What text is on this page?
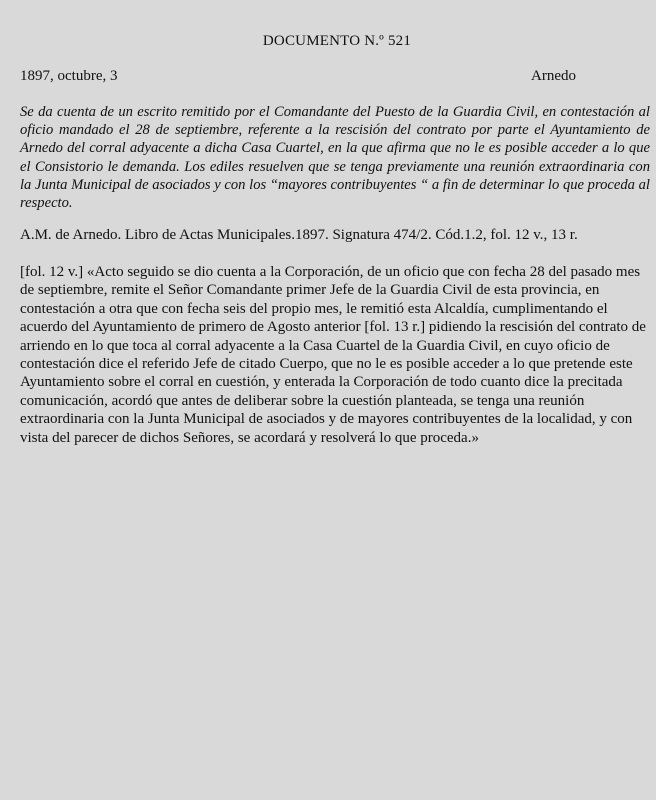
DOCUMENTO N.º 521
1897, octubre, 3	Arnedo
Se da cuenta de un escrito remitido por el Comandante del Puesto de la Guardia Civil, en contestación al oficio mandado el 28 de septiembre, referente a la rescisión del contrato por parte el Ayuntamiento de Arnedo del corral adyacente a dicha Casa Cuartel, en la que afirma que no le es posible acceder a lo que el Consistorio le demanda. Los ediles resuelven que se tenga previamente una reunión extraordinaria con la Junta Municipal de asociados y con los “mayores contribuyentes “ a fin de determinar lo que proceda al respecto.
A.M. de Arnedo. Libro de Actas Municipales.1897. Signatura 474/2. Cód.1.2, fol. 12 v., 13 r.
[fol. 12 v.] «Acto seguido se dio cuenta a la Corporación, de un oficio que con fecha 28 del pasado mes de septiembre, remite el Señor Comandante primer Jefe de la Guardia Civil de esta provincia, en contestación a otra que con fecha seis del propio mes, le remitió esta Alcaldía, cumplimentando el acuerdo del Ayuntamiento de primero de Agosto anterior [fol. 13 r.] pidiendo la rescisión del contrato de arriendo en lo que toca al corral adyacente a la Casa Cuartel de la Guardia Civil, en cuyo oficio de contestación dice el referido Jefe de citado Cuerpo, que no le es posible acceder a lo que pretende este Ayuntamiento sobre el corral en cuestión, y enterada la Corporación de todo cuanto dice la precitada comunicación, acordó que antes de deliberar sobre la cuestión planteada, se tenga una reunión extraordinaria con la Junta Municipal de asociados y de mayores contribuyentes de la localidad, y con vista del parecer de dichos Señores, se acordará y resolverá lo que proceda.»
